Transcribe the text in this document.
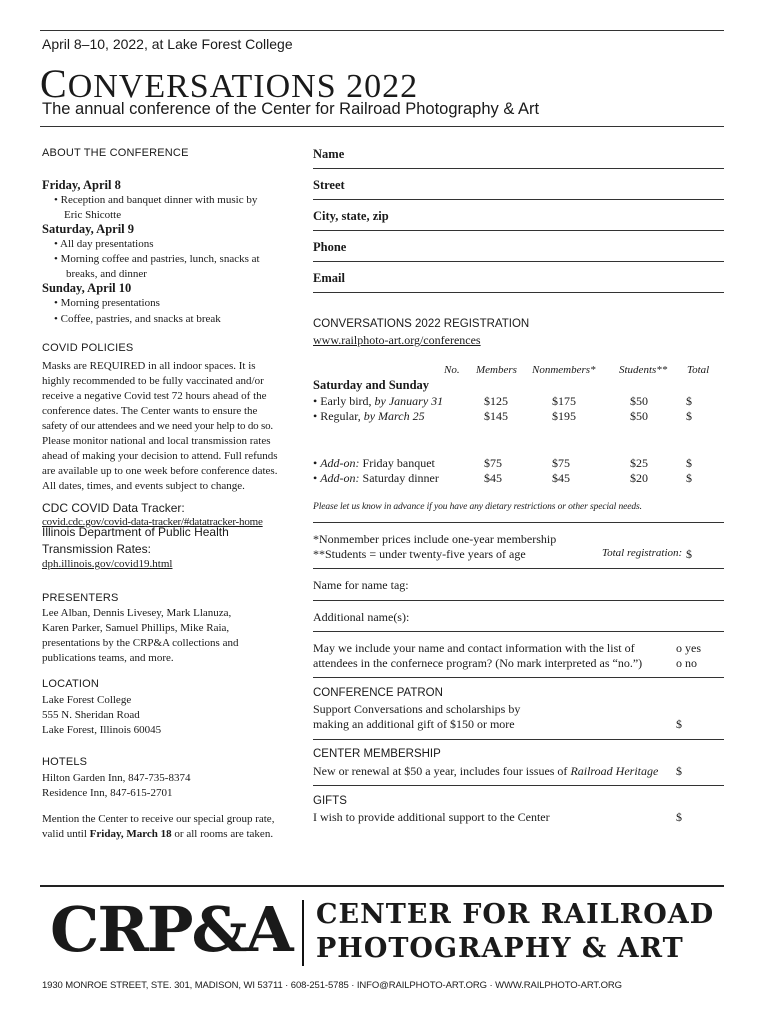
April 8–10, 2022, at Lake Forest College
CONVERSATIONS 2022
The annual conference of the Center for Railroad Photography & Art
ABOUT THE CONFERENCE
Friday, April 8
• Reception and banquet dinner with music by
Eric Shicotte
Saturday, April 9
• All day presentations
• Morning coffee and pastries, lunch, snacks at
breaks, and dinner
Sunday, April 10
• Morning presentations
• Coffee, pastries, and snacks at break
COVID POLICIES
Masks are REQUIRED in all indoor spaces. It is
highly recommended to be fully vaccinated and/or
receive a negative Covid test 72 hours ahead of the
conference dates. The Center wants to ensure the
safety of our attendees and we need your help to do so.
Please monitor national and local transmission rates
ahead of making your decision to attend. Full refunds
are available up to one week before conference dates.
All dates, times, and events subject to change.
CDC COVID Data Tracker:
covid.cdc.gov/covid-data-tracker/#datatracker-home
Illinois Department of Public Health
Transmission Rates:
dph.illinois.gov/covid19.html
PRESENTERS
Lee Alban, Dennis Livesey, Mark Llanuza,
Karen Parker, Samuel Phillips, Mike Raia,
presentations by the CRP&A collections and
publications teams, and more.
LOCATION
Lake Forest College
555 N. Sheridan Road
Lake Forest, Illinois 60045
HOTELS
Hilton Garden Inn, 847-735-8374
Residence Inn, 847-615-2701
Mention the Center to receive our special group rate,
valid until Friday, March 18 or all rooms are taken.
Name
Street
City, state, zip
Phone
Email
CONVERSATIONS 2022 REGISTRATION
www.railphoto-art.org/conferences
No. Members Nonmembers* Students** Total
Saturday and Sunday
• Early bird, by January 31	$125	$175	$50	$
• Regular, by March 25	$145	$195	$50	$
• Add-on: Friday banquet	$75	$75	$25	$
• Add-on: Saturday dinner	$45	$45	$20	$
Please let us know in advance if you have any dietary restrictions or other special needs.
*Nonmember prices include one-year membership
**Students = under twenty-five years of age	Total registration: $
Name for name tag:
Additional name(s):
May we include your name and contact information with the list of
attendees in the confernece program? (No mark interpreted as “no.”)
o yes
o no
CONFERENCE PATRON
Support Conversations and scholarships by
making an additional gift of $150 or more	$
CENTER MEMBERSHIP
New or renewal at $50 a year, includes four issues of Railroad Heritage $
GIFTS
I wish to provide additional support to the Center	$
CRP&A CENTER FOR RAILROAD
PHOTOGRAPHY & ART
1930 MONROE STREET, STE. 301, MADISON, WI 53711 · 608-251-5785 · INFO@RAILPHOTO-ART.ORG · WWW.RAILPHOTO-ART.ORG
